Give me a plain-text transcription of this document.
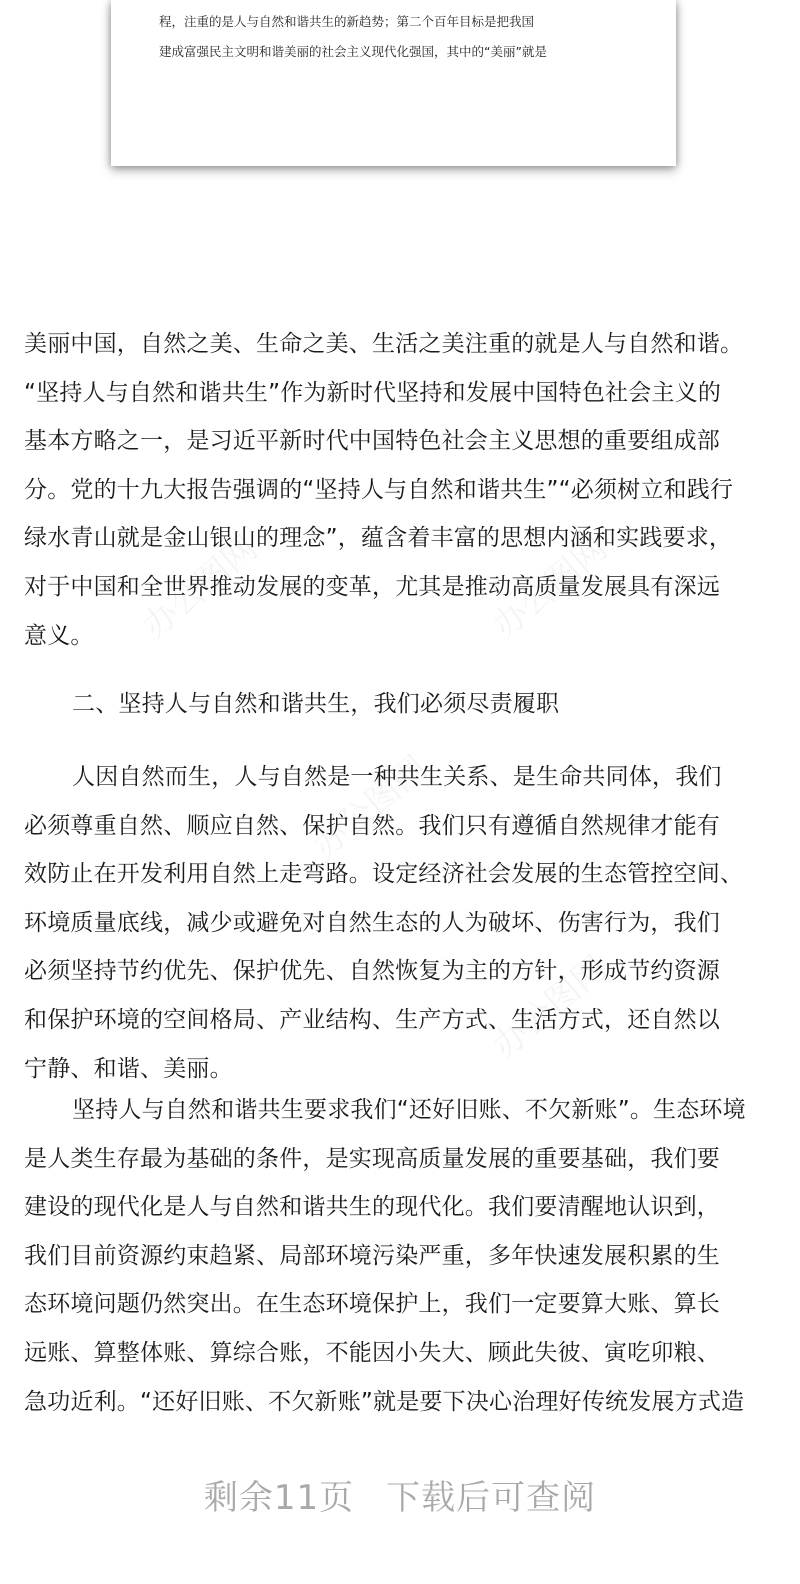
程，注重的是人与自然和谐共生的新趋势；第二个百年目标是把我国
建成富强民主文明和谐美丽的社会主义现代化强国，其中的“美丽”就是
美丽中国，自然之美、生命之美、生活之美注重的就是人与自然和谐。
“坚持人与自然和谐共生”作为新时代坚持和发展中国特色社会主义的
基本方略之一，是习近平新时代中国特色社会主义思想的重要组成部
分。党的十九大报告强调的“坚持人与自然和谐共生”“必须树立和践行
绿水青山就是金山银山的理念”，蕴含着丰富的思想内涵和实践要求，
对于中国和全世界推动发展的变革，尤其是推动高质量发展具有深远
意义。
二、坚持人与自然和谐共生，我们必须尽责履职
人因自然而生，人与自然是一种共生关系、是生命共同体，我们
必须尊重自然、顺应自然、保护自然。我们只有遵循自然规律才能有
效防止在开发利用自然上走弯路。设定经济社会发展的生态管控空间、
环境质量底线，减少或避免对自然生态的人为破坏、伤害行为，我们
必须坚持节约优先、保护优先、自然恢复为主的方针，形成节约资源
和保护环境的空间格局、产业结构、生产方式、生活方式，还自然以
宁静、和谐、美丽。
坚持人与自然和谐共生要求我们“还好旧账、不欠新账”。生态环境
是人类生存最为基础的条件，是实现高质量发展的重要基础，我们要
建设的现代化是人与自然和谐共生的现代化。我们要清醒地认识到，
我们目前资源约束趋紧、局部环境污染严重，多年快速发展积累的生
态环境问题仍然突出。在生态环境保护上，我们一定要算大账、算长
远账、算整体账、算综合账，不能因小失大、顾此失彼、寅吃卯粮、
急功近利。“还好旧账、不欠新账”就是要下决心治理好传统发展方式造
剩余11页 下载后可查阅
